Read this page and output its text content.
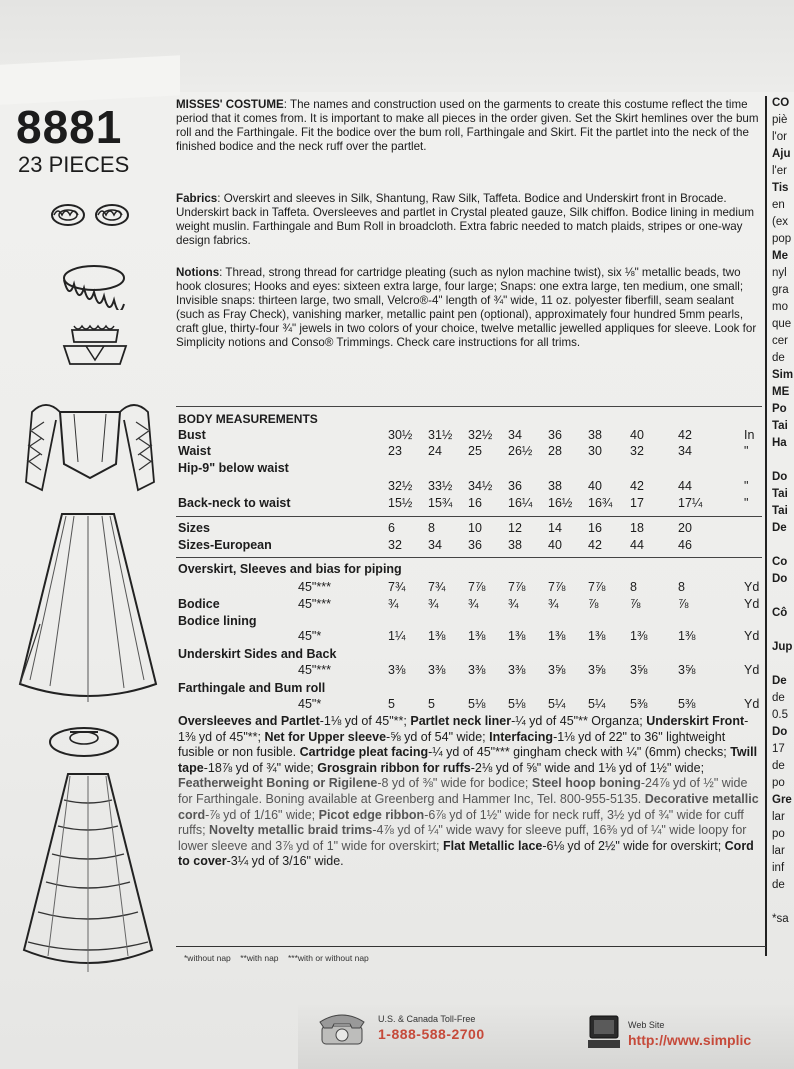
8881
23 PIECES
MISSES' COSTUME: The names and construction used on the garments to create this costume reflect the time period that it comes from. It is important to make all pieces in the order given. Set the Skirt hemlines over the bum roll and the Farthingale. Fit the bodice over the bum roll, Farthingale and Skirt. Fit the partlet into the neck of the finished bodice and the neck ruff over the partlet.
Fabrics: Overskirt and sleeves in Silk, Shantung, Raw Silk, Taffeta. Bodice and Underskirt front in Brocade. Underskirt back in Taffeta. Oversleeves and partlet in Crystal pleated gauze, Silk chiffon. Bodice lining in medium weight muslin. Farthingale and Bum Roll in broadcloth. Extra fabric needed to match plaids, stripes or one-way design fabrics.
Notions: Thread, strong thread for cartridge pleating (such as nylon machine twist), six ⅛" metallic beads, two hook closures; Hooks and eyes: sixteen extra large, four large; Snaps: one extra large, ten medium, one small; Invisible snaps: thirteen large, two small, Velcro®-4" length of ¾" wide, 11 oz. polyester fiberfill, seam sealant (such as Fray Check), vanishing marker, metallic paint pen (optional), approximately four hundred 5mm pearls, craft glue, thirty-four ¾" jewels in two colors of your choice, twelve metallic jewelled appliques for sleeve. Look for Simplicity notions and Conso® Trimmings. Check care instructions for all trims.
BODY MEASUREMENTS
Bust	30½	31½	32½	34	36	38	40	42	In
Waist	23	24	25	26½	28	30	32	34	"
Hip-9" below waist
32½	33½	34½	36	38	40	42	44	"
Back-neck to waist	15½	15¾	16	16¼	16½	16¾	17	17¼	"
Sizes	6	8	10	12	14	16	18	20
Sizes-European	32	34	36	38	40	42	44	46
Overskirt, Sleeves and bias for piping
45"***	7¾	7¾	7⅞	7⅞	7⅞	7⅞	8	8	Yd
Bodice	45"***	¾	¾	¾	¾	¾	⅞	⅞	⅞	Yd
Bodice lining
45"*	1¼	1⅜	1⅜	1⅜	1⅜	1⅜	1⅜	1⅜	Yd
Underskirt Sides and Back
45"***	3⅜	3⅜	3⅜	3⅜	3⅝	3⅝	3⅝	3⅝	Yd
Farthingale and Bum roll
45"*	5	5	5⅛	5⅛	5¼	5¼	5⅜	5⅜	Yd
Oversleeves and Partlet-1⅛ yd of 45"**; Partlet neck liner-¼ yd of 45"** Organza; Underskirt Front-1⅜ yd of 45"**; Net for Upper sleeve-⅝ yd of 54" wide; Interfacing-1⅛ yd of 22" to 36" lightweight fusible or non fusible. Cartridge pleat facing-¼ yd of 45"*** gingham check with ¼" (6mm) checks; Twill tape-18⅞ yd of ¾" wide; Grosgrain ribbon for ruffs-2⅛ yd of ⅝" wide and 1⅛ yd of 1½" wide; Featherweight Boning or Rigilene-8 yd of ⅜" wide for bodice; Steel hoop boning-24⅞ yd of ½" wide for Farthingale. Boning available at Greenberg and Hammer Inc, Tel. 800-955-5135. Decorative metallic cord-⅞ yd of 1/16" wide; Picot edge ribbon-6⅞ yd of 1½" wide for neck ruff, 3½ yd of ¾" wide for cuff ruffs; Novelty metallic braid trims-4⅞ yd of ¼" wide wavy for sleeve puff, 16⅜ yd of ¼" wide loopy for lower sleeve and 3⅞ yd of 1" wide for overskirt; Flat Metallic lace-6⅛ yd of 2½" wide for overskirt; Cord to cover-3¼ yd of 3/16" wide.
*without nap **with nap ***with or without nap
CO
piè
l'or
Aju
l'er
Tis
en
(ex
pop
Me
nyl
gra
mo
que
cer
de
Sim
ME
Po
Tai
Ha
Do
Tai
Tai
De
Co
Do
Cô
Jup
De
de
0.5
Do
17
de
po
Gre
lar
po
lar
inf
de
*sa
U.S. & Canada Toll-Free
1-888-588-2700
Web Site
http://www.simplic
